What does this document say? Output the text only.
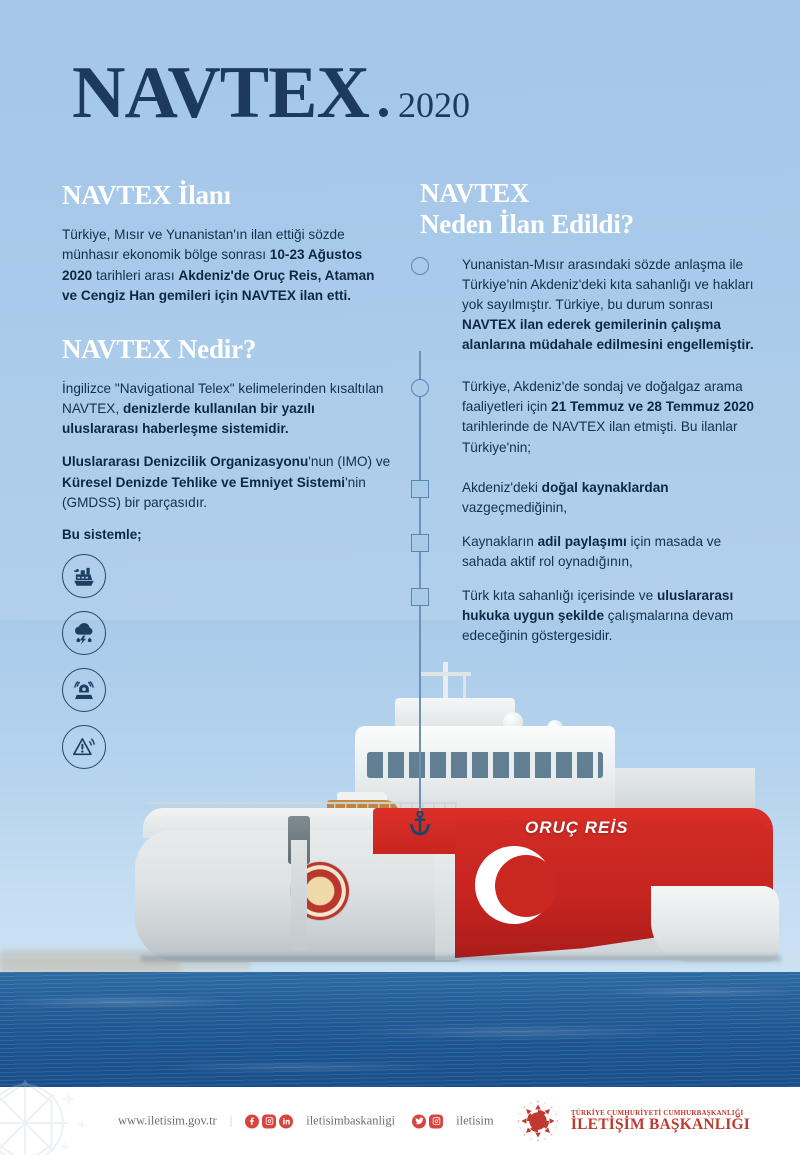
ORUÇ REİS
NAVTEX 2020
NAVTEX İlanı

Türkiye, Mısır ve Yunanistan'ın ilan ettiği sözde münhasır ekonomik bölge sonrası 10-23 Ağustos 2020 tarihleri arası Akdeniz'de Oruç Reis, Ataman ve Cengiz Han gemileri için NAVTEX ilan etti.

NAVTEX Nedir?

İngilizce "Navigational Telex" kelimelerinden kısaltılan NAVTEX, denizlerde kullanılan bir yazılı uluslararası haberleşme sistemidir.

Uluslararası Denizcilik Organizasyonu'nun (IMO) ve Küresel Denizde Tehlike ve Emniyet Sistemi'nin (GMDSS) bir parçasıdır.

Bu sistemle;
NAVTEX
Neden İlan Edildi?

Yunanistan-Mısır arasındaki sözde anlaşma ile Türkiye'nin Akdeniz'deki kıta sahanlığı ve hakları yok sayılmıştır. Türkiye, bu durum sonrası NAVTEX ilan ederek gemilerinin çalışma alanlarına müdahale edilmesini engellemiştir.

Türkiye, Akdeniz'de sondaj ve doğalgaz arama faaliyetleri için 21 Temmuz ve 28 Temmuz 2020 tarihlerinde de NAVTEX ilan etmişti. Bu ilanlar Türkiye'nin;

Akdeniz'deki doğal kaynaklardan vazgeçmediğinin,

Kaynakların adil paylaşımı için masada ve sahada aktif rol oynadığının,

Türk kıta sahanlığı içerisinde ve uluslararası hukuka uygun şekilde çalışmalarına devam edeceğinin göstergesidir.

www.iletisim.gov.tr	|	iletisimbaskanligi	iletisim
TÜRKİYE CUMHURİYETİ CUMHURBAŞKANLIĞI
İLETİŞİM BAŞKANLIĞI
